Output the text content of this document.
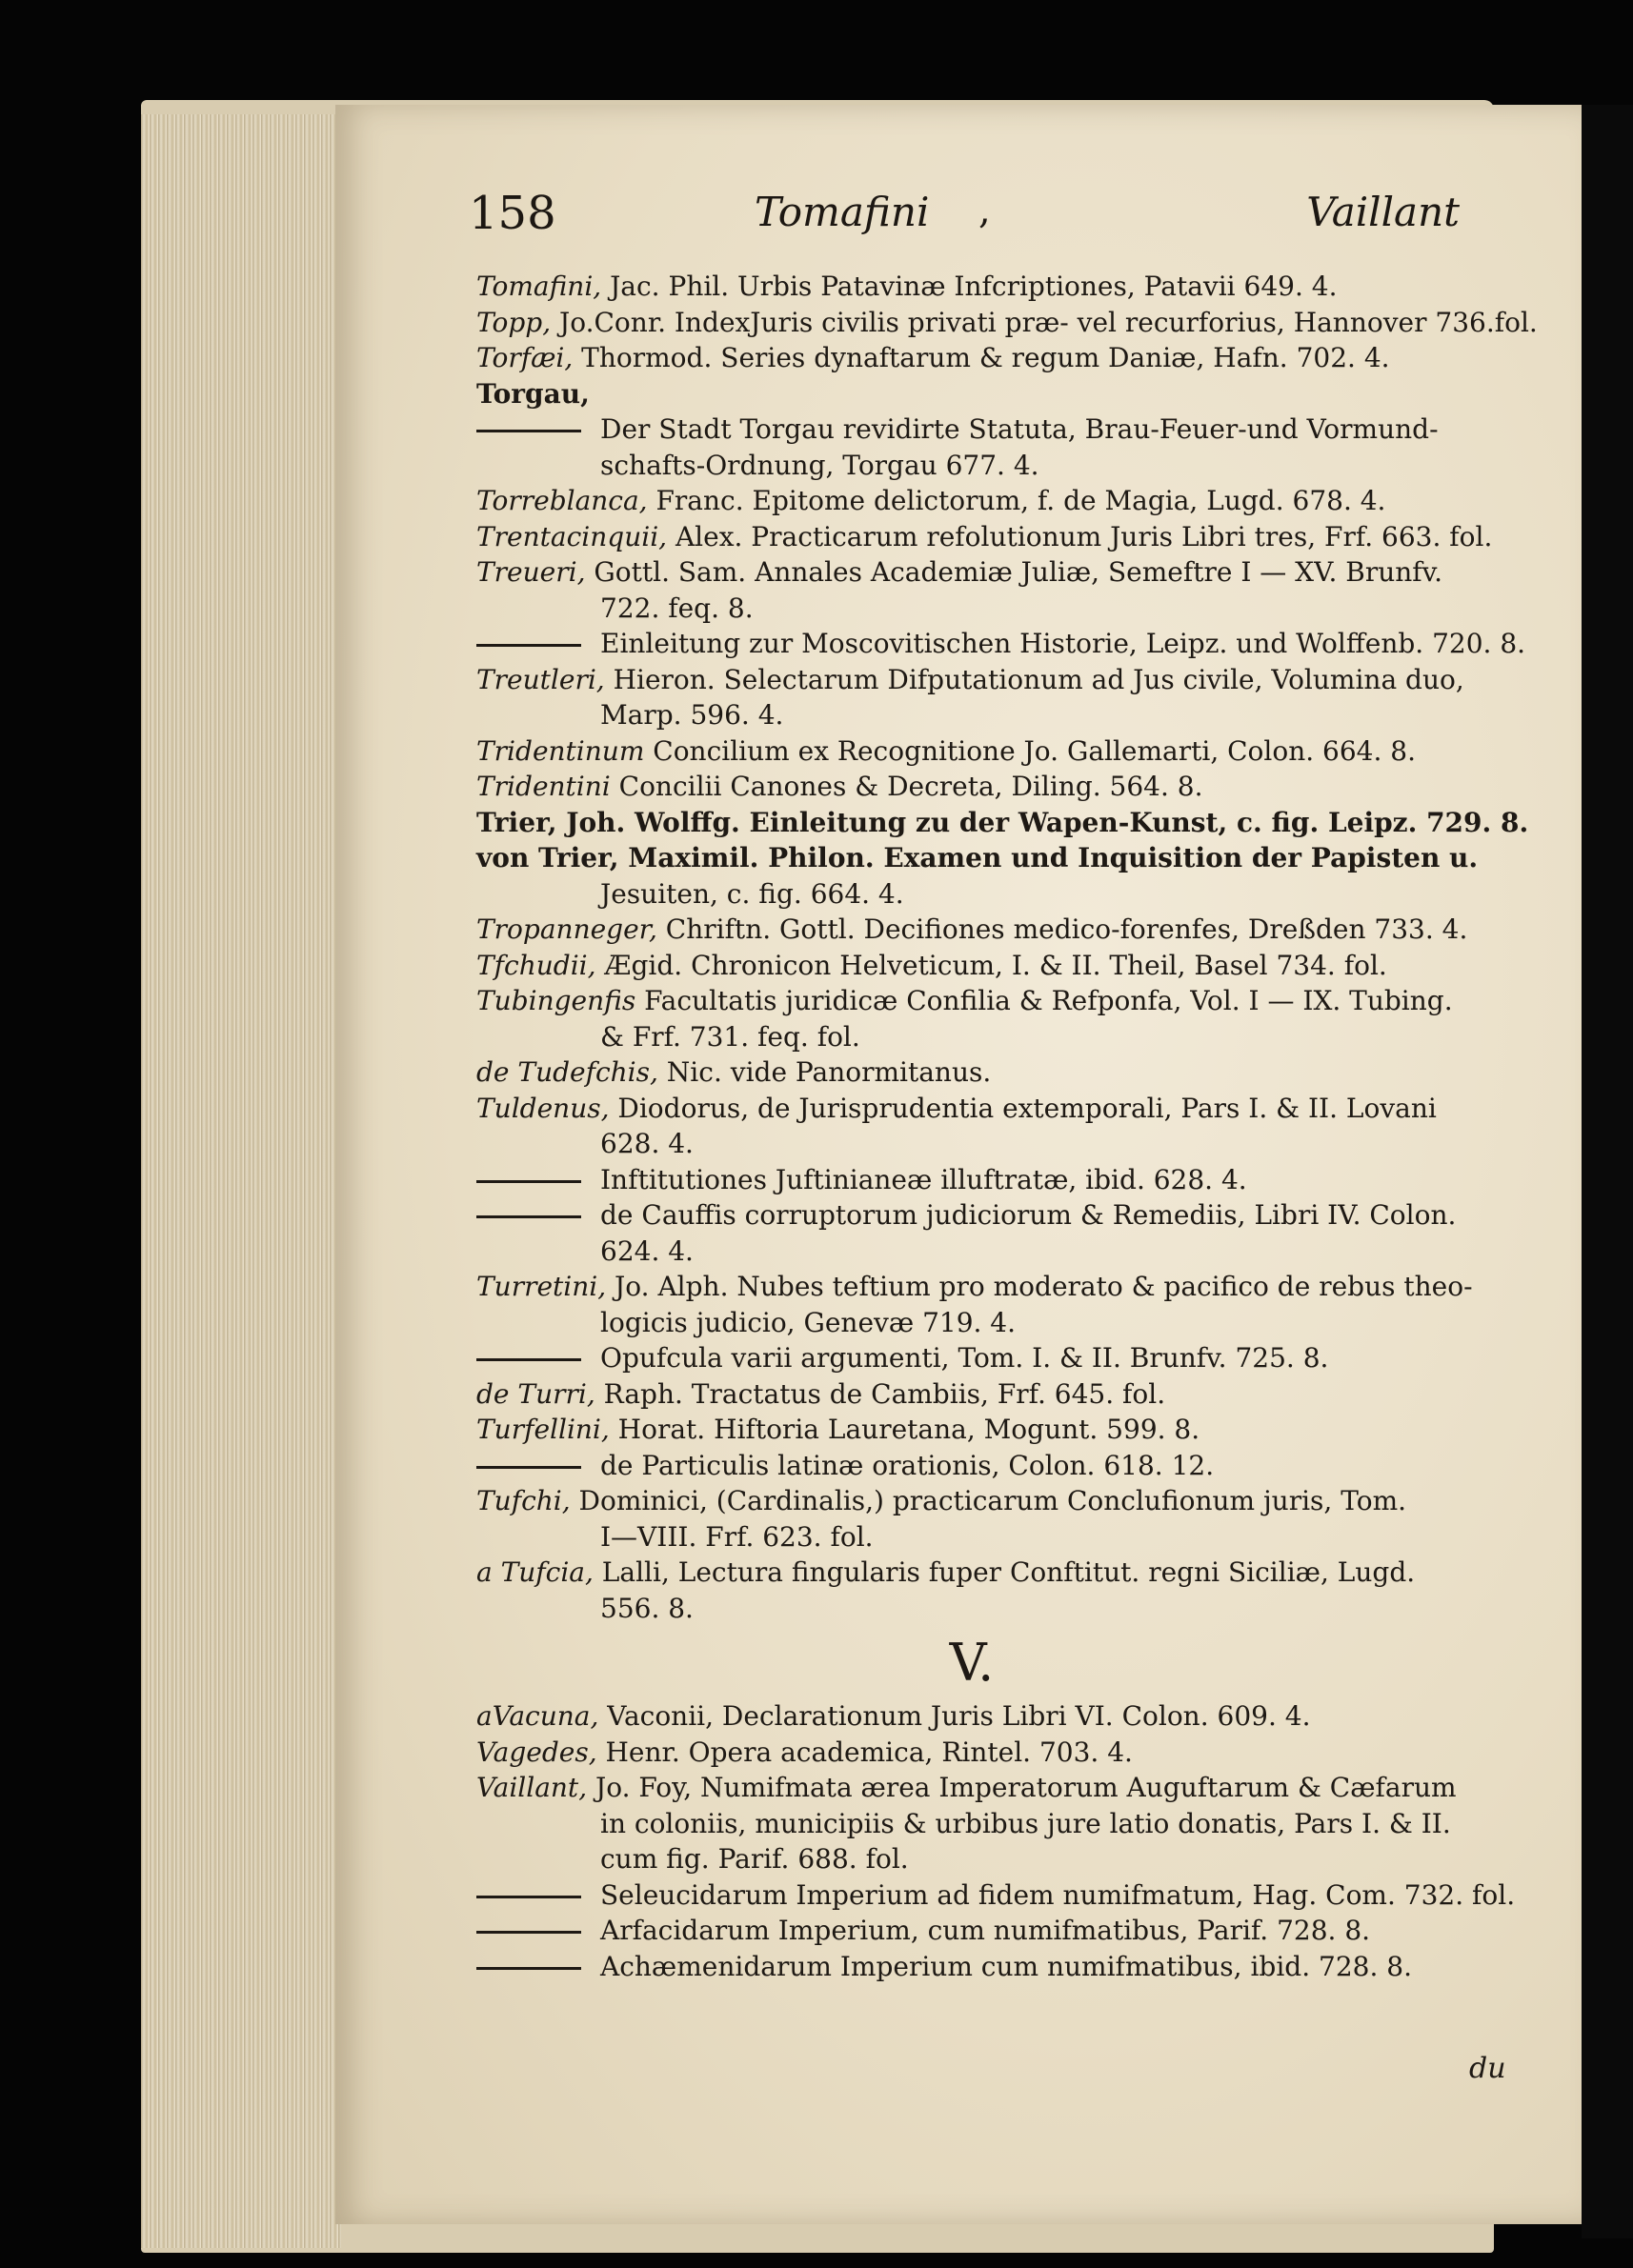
158	Tomafini ,	Vaillant
Tomafini, Jac. Phil. Urbis Patavinæ Infcriptiones, Patavii 649. 4.
Topp, Jo.Conr. IndexJuris civilis privati præ- vel recurforius, Hannover 736.fol.
Torfæi, Thormod. Series dynaftarum & regum Daniæ, Hafn. 702. 4.
Torgau,
Der Stadt Torgau revidirte Statuta, Brau-Feuer-und Vormund-
schafts-Ordnung, Torgau 677. 4.
Torreblanca, Franc. Epitome delictorum, f. de Magia, Lugd. 678. 4.
Trentacinquii, Alex. Practicarum refolutionum Juris Libri tres, Frf. 663. fol.
Treueri, Gottl. Sam. Annales Academiæ Juliæ, Semeftre I — XV. Brunfv.
722. feq. 8.
Einleitung zur Moscovitischen Historie, Leipz. und Wolffenb. 720. 8.
Treutleri, Hieron. Selectarum Difputationum ad Jus civile, Volumina duo,
Marp. 596. 4.
Tridentinum Concilium ex Recognitione Jo. Gallemarti, Colon. 664. 8.
Tridentini Concilii Canones & Decreta, Diling. 564. 8.
Trier, Joh. Wolffg. Einleitung zu der Wapen-Kunst, c. fig. Leipz. 729. 8.
von Trier, Maximil. Philon. Examen und Inquisition der Papisten u.
Jesuiten, c. fig. 664. 4.
Tropanneger, Chriftn. Gottl. Decifiones medico-forenfes, Dreßden 733. 4.
Tfchudii, Ægid. Chronicon Helveticum, I. & II. Theil, Basel 734. fol.
Tubingenfis Facultatis juridicæ Confilia & Refponfa, Vol. I — IX. Tubing.
& Frf. 731. feq. fol.
de Tudefchis, Nic. vide Panormitanus.
Tuldenus, Diodorus, de Jurisprudentia extemporali, Pars I. & II. Lovani
628. 4.
Inftitutiones Juftinianeæ illuftratæ, ibid. 628. 4.
de Cauffis corruptorum judiciorum & Remediis, Libri IV. Colon.
624. 4.
Turretini, Jo. Alph. Nubes teftium pro moderato & pacifico de rebus theo-
logicis judicio, Genevæ 719. 4.
Opufcula varii argumenti, Tom. I. & II. Brunfv. 725. 8.
de Turri, Raph. Tractatus de Cambiis, Frf. 645. fol.
Turfellini, Horat. Hiftoria Lauretana, Mogunt. 599. 8.
de Particulis latinæ orationis, Colon. 618. 12.
Tufchi, Dominici, (Cardinalis,) practicarum Conclufionum juris, Tom.
I—VIII. Frf. 623. fol.
a Tufcia, Lalli, Lectura fingularis fuper Conftitut. regni Siciliæ, Lugd.
556. 8.
V.
aVacuna, Vaconii, Declarationum Juris Libri VI. Colon. 609. 4.
Vagedes, Henr. Opera academica, Rintel. 703. 4.
Vaillant, Jo. Foy, Numifmata ærea Imperatorum Auguftarum & Cæfarum
in coloniis, municipiis & urbibus jure latio donatis, Pars I. & II.
cum fig. Parif. 688. fol.
Seleucidarum Imperium ad fidem numifmatum, Hag. Com. 732. fol.
Arfacidarum Imperium, cum numifmatibus, Parif. 728. 8.
Achæmenidarum Imperium cum numifmatibus, ibid. 728. 8.
du
